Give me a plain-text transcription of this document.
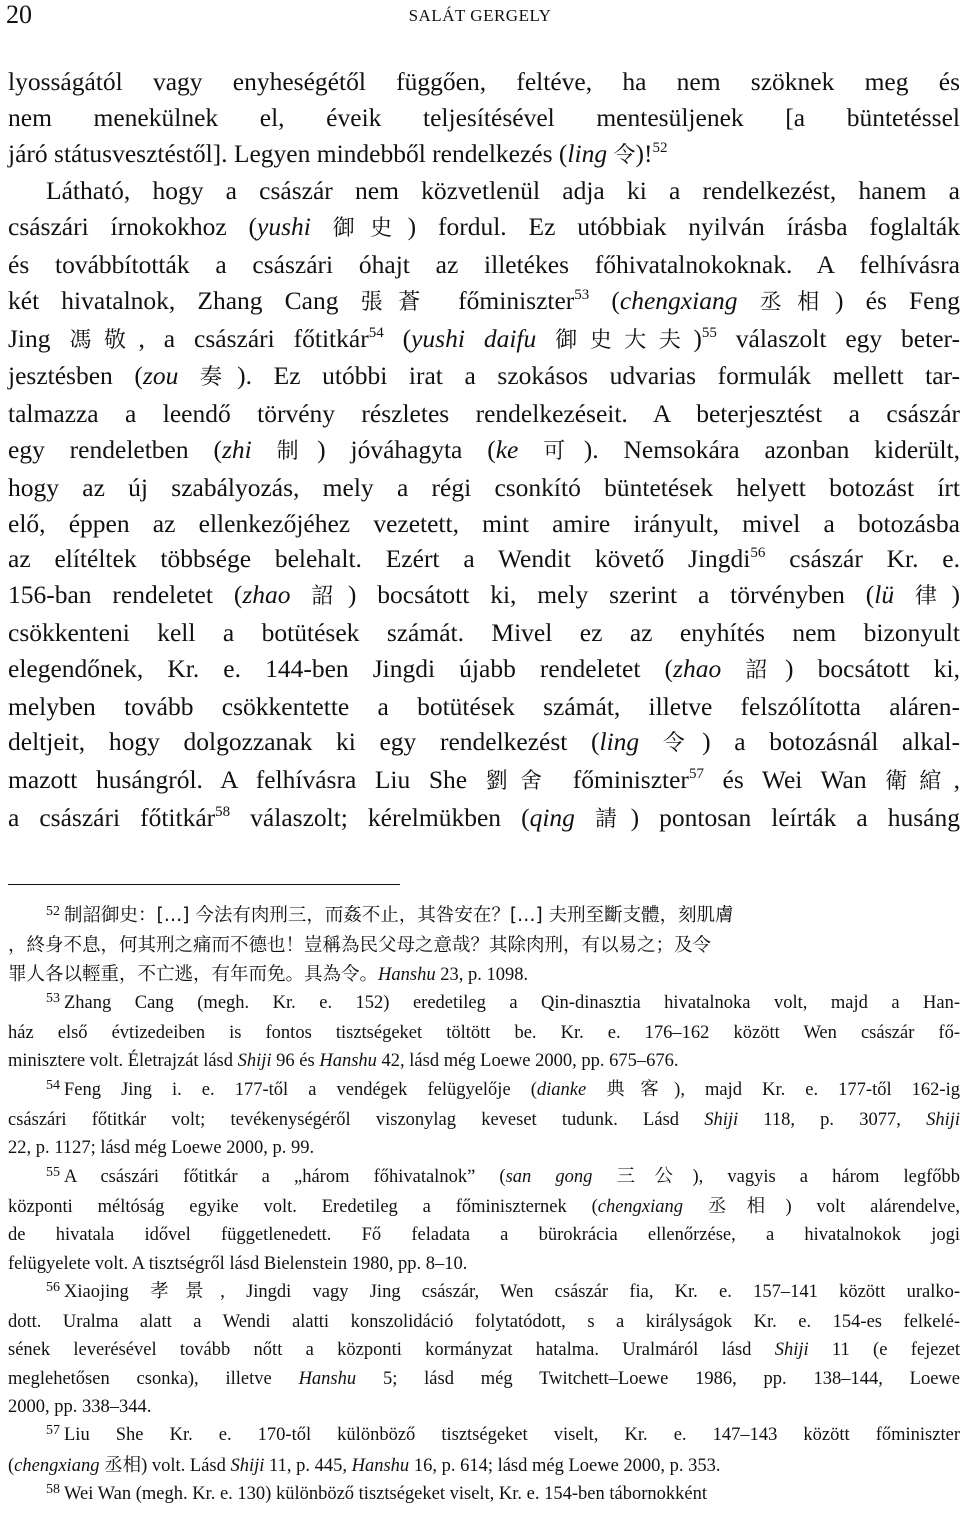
20	SALÁT GERGELY

lyosságától vagy enyheségétől függően, feltéve, ha nem szöknek meg és
nem menekülnek el, éveik teljesítésével mentesüljenek [a büntetéssel
járó státusvesztéstől]. Legyen mindebből rendelkezés (ling 令)!$^{52}$

Látható, hogy a császár nem közvetlenül adja ki a rendelkezést, hanem a
császári írnokokhoz (yushi 御史) fordul. Ez utóbbiak nyilván írásba foglalták
és továbbították a császári óhajt az illetékes főhivatalnokoknak. A felhívásra
két hivatalnok, Zhang Cang 張蒼 főminiszter$^{53}$ (chengxiang 丞相) és Feng
Jing 馮敬, a császári főtitkár$^{54}$ (yushi daifu 御史大夫)$^{55}$ válaszolt egy beter-
jesztésben (zou 奏). Ez utóbbi irat a szokásos udvarias formulák mellett tar-
talmazza a leendő törvény részletes rendelkezéseit. A beterjesztést a császár
egy rendeletben (zhi 制) jóváhagyta (ke 可). Nemsokára azonban kiderült,
hogy az új szabályozás, mely a régi csonkító büntetések helyett botozást írt
elő, éppen az ellenkezőjéhez vezetett, mint amire irányult, mivel a botozásba
az elítéltek többsége belehalt. Ezért a Wendit követő Jingdi$^{56}$ császár Kr. e.
156-ban rendeletet (zhao 詔) bocsátott ki, mely szerint a törvényben (lü 律)
csökkenteni kell a botütések számát. Mivel ez az enyhítés nem bizonyult
elegendőnek, Kr. e. 144-ben Jingdi újabb rendeletet (zhao 詔) bocsátott ki,
melyben tovább csökkentette a botütések számát, illetve felszólította aláren-
deltjeit, hogy dolgozzanak ki egy rendelkezést (ling 令) a botozásnál alkal-
mazott husángról. A felhívásra Liu She 劉舍 főminiszter$^{57}$ és Wei Wan 衛綰,
a császári főtitkár$^{58}$ válaszolt; kérelmükben (qing 請) pontosan leírták a husáng

$^{52}$ 制詔御史：[…] 今法有肉刑三，而姦不止，其咎安在？[…] 夫刑至斷支體，刻肌膚
，終身不息，何其刑之痛而不德也！豈稱為民父母之意哉？其除肉刑，有以易之；及令
罪人各以輕重，不亡逃，有年而免。具為令。Hanshu 23, p. 1098.
$^{53}$ Zhang Cang (megh. Kr. e. 152) eredetileg a Qin-dinasztia hivatalnoka volt, majd a Han-
ház első évtizedeiben is fontos tisztségeket töltött be. Kr. e. 176–162 között Wen császár fő-
minisztere volt. Életrajzát lásd Shiji 96 és Hanshu 42, lásd még Loewe 2000, pp. 675–676.
$^{54}$ Feng Jing i. e. 177-től a vendégek felügyelője (dianke 典客), majd Kr. e. 177-től 162-ig
császári főtitkár volt; tevékenységéről viszonylag keveset tudunk. Lásd Shiji 118, p. 3077, Shiji
22, p. 1127; lásd még Loewe 2000, p. 99.
$^{55}$ A császári főtitkár a „három főhivatalnok” (san gong 三公), vagyis a három legfőbb
központi méltóság egyike volt. Eredetileg a főminiszternek (chengxiang 丞相) volt alárendelve,
de hivatala idővel függetlenedett. Fő feladata a bürokrácia ellenőrzése, a hivatalnokok jogi
felügyelete volt. A tisztségről lásd Bielenstein 1980, pp. 8–10.
$^{56}$ Xiaojing 孝景, Jingdi vagy Jing császár, Wen császár fia, Kr. e. 157–141 között uralko-
dott. Uralma alatt a Wendi alatti konszolidáció folytatódott, s a királyságok Kr. e. 154-es felkelé-
sének leverésével tovább nőtt a központi kormányzat hatalma. Uralmáról lásd Shiji 11 (e fejezet
meglehetősen csonka), illetve Hanshu 5; lásd még Twitchett–Loewe 1986, pp. 138–144, Loewe
2000, pp. 338–344.
$^{57}$ Liu She Kr. e. 170-től különböző tisztségeket viselt, Kr. e. 147–143 között főminiszter
(chengxiang 丞相) volt. Lásd Shiji 11, p. 445, Hanshu 16, p. 614; lásd még Loewe 2000, p. 353.
$^{58}$ Wei Wan (megh. Kr. e. 130) különböző tisztségeket viselt, Kr. e. 154-ben tábornokként
